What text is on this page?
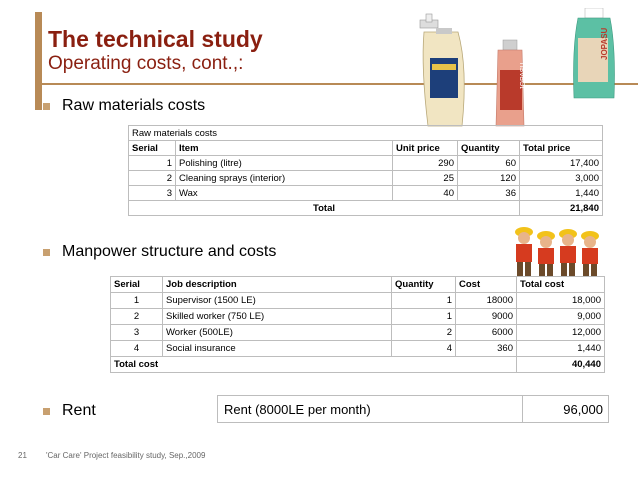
The technical study
Operating costs, cont.,:	JOPASU
JOPASU
Raw materials costs
Raw materials costs				
Serial	Item	Unit price	Quantity	Total price
1	Polishing (litre)	290	60	17,400
2	Cleaning sprays (interior)	25	120	3,000
3	Wax	40	36	1,440
Total				21,840
Manpower structure and costs
Serial	Job description	Quantity	Cost	Total cost
1	Supervisor (1500 LE)	1	18000	18,000
2	Skilled worker (750 LE)	1	9000	9,000
3	Worker (500LE)	2	6000	12,000
4	Social insurance	4	360	1,440
Total cost				40,440
Rent	Rent (8000LE per month)	96,000
21 'Car Care' Project feasibility study, Sep.,2009
